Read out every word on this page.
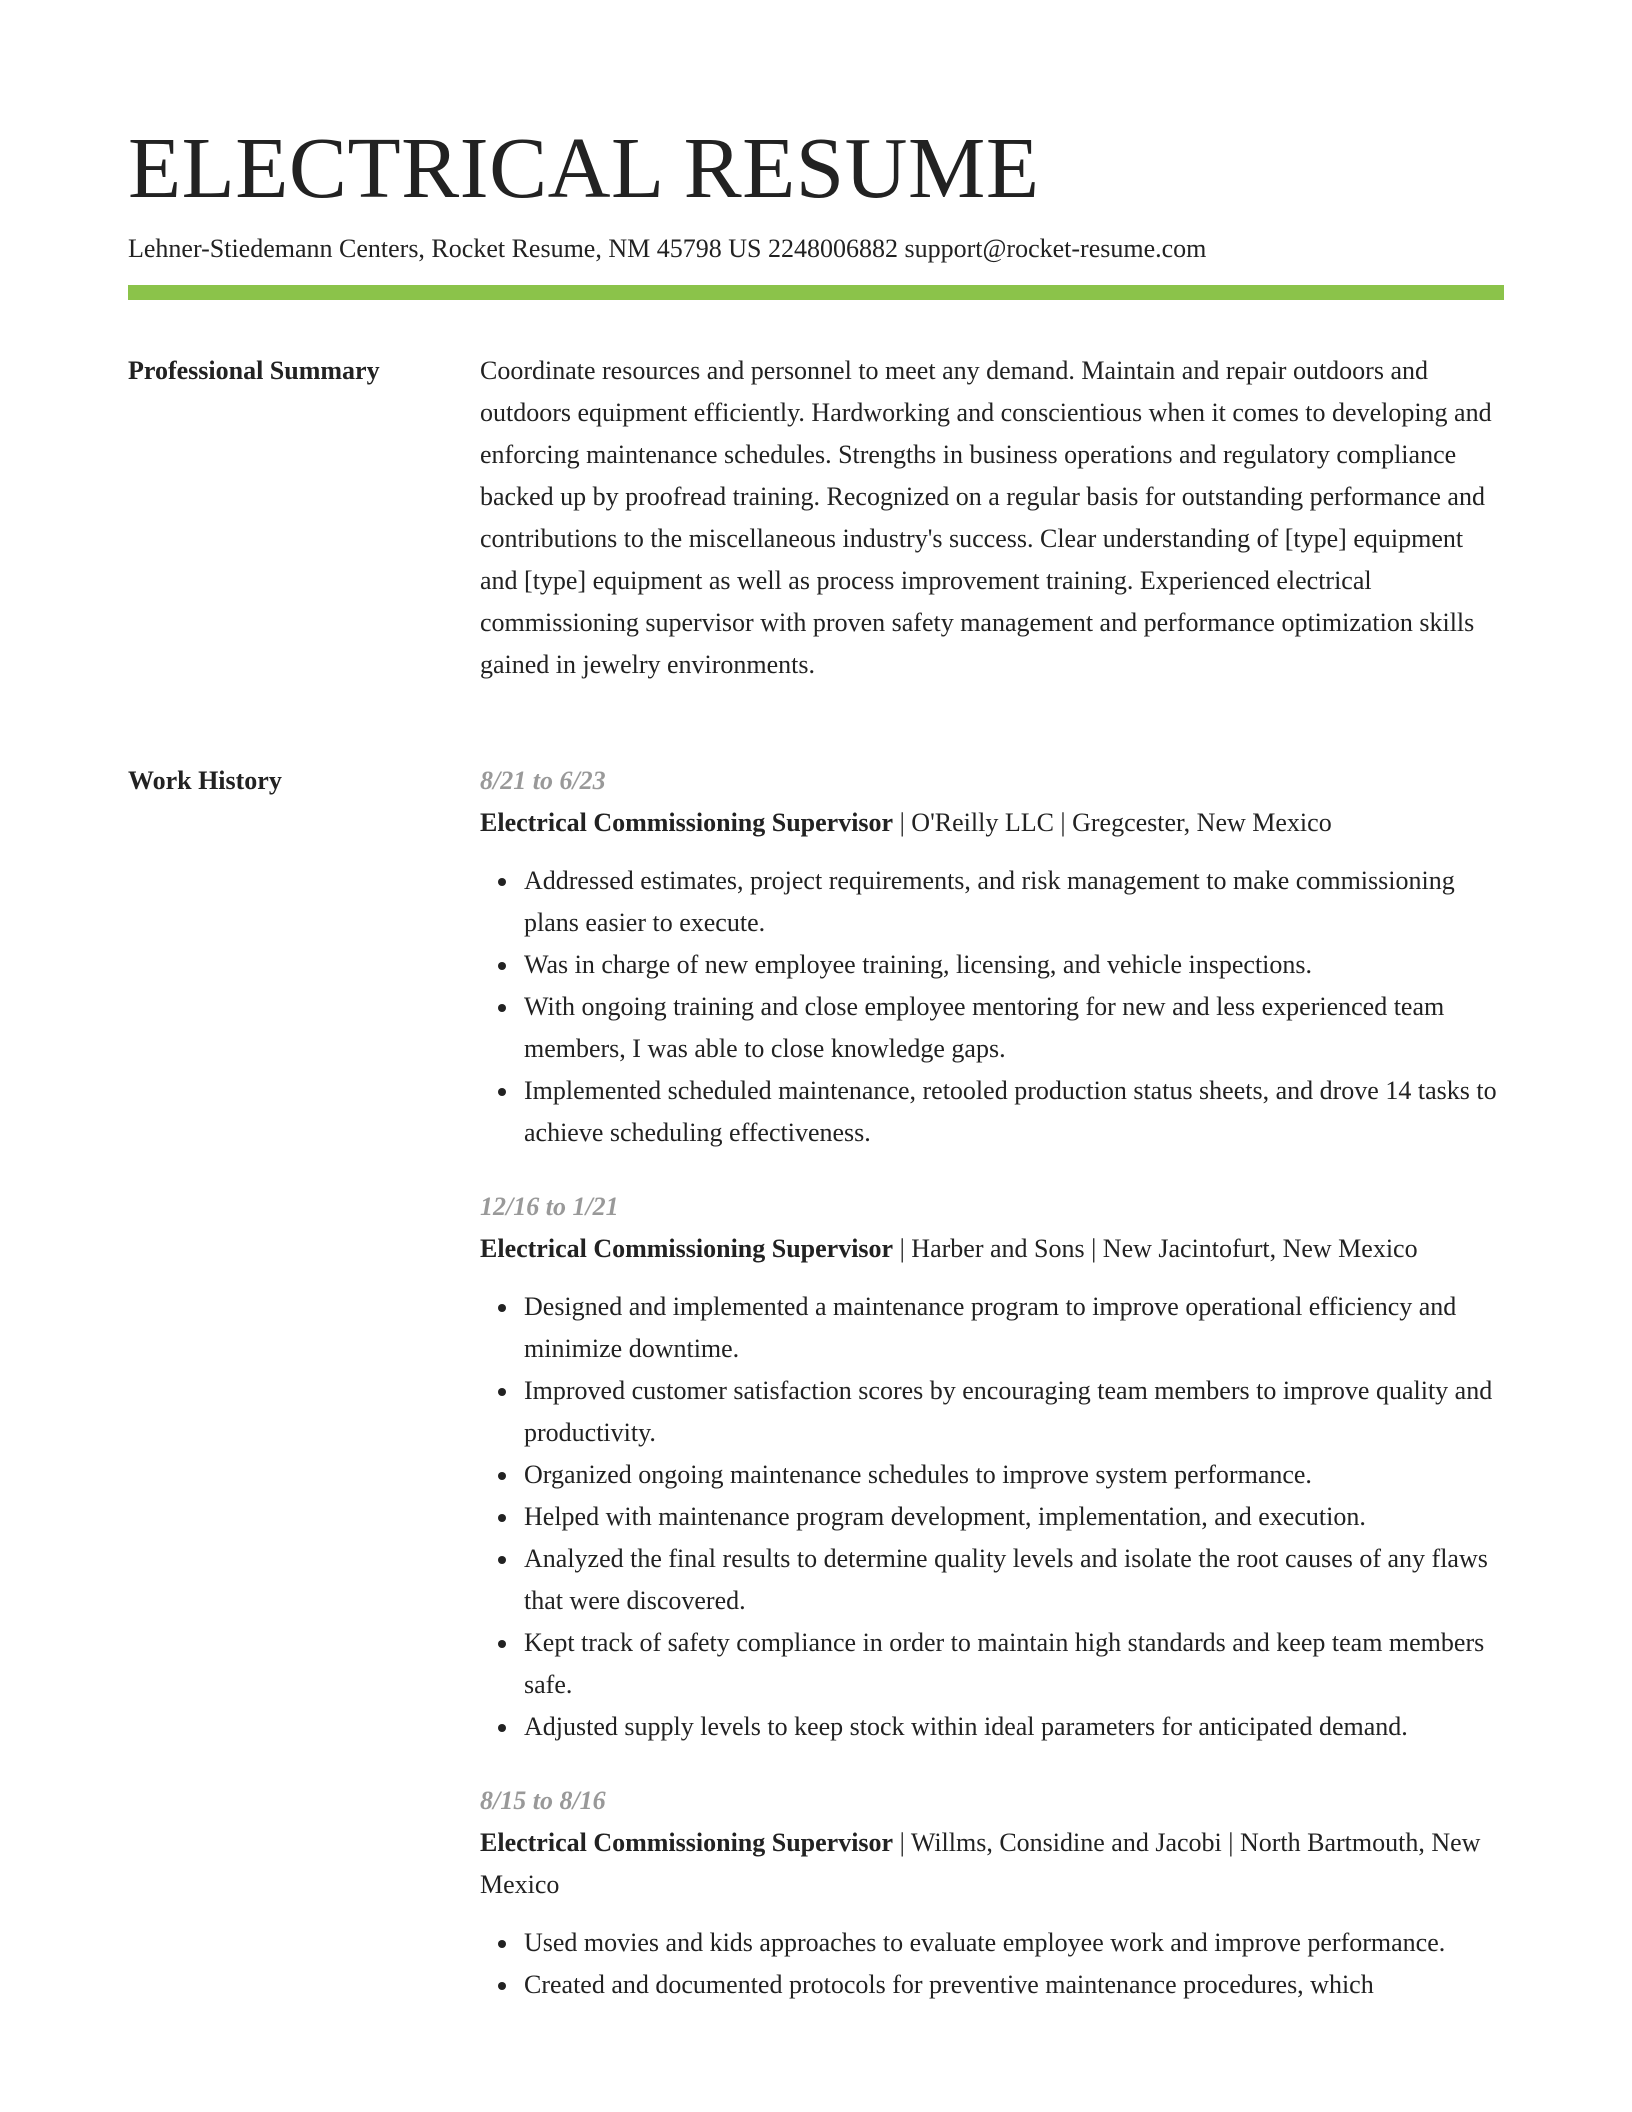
ELECTRICAL RESUME
Lehner-Stiedemann Centers, Rocket Resume, NM 45798 US 2248006882 support@rocket-resume.com
Professional Summary	Coordinate resources and personnel to meet any demand. Maintain and repair outdoors and outdoors equipment efficiently. Hardworking and conscientious when it comes to developing and enforcing maintenance schedules. Strengths in business operations and regulatory compliance backed up by proofread training. Recognized on a regular basis for outstanding performance and contributions to the miscellaneous industry's success. Clear understanding of [type] equipment and [type] equipment as well as process improvement training. Experienced electrical commissioning supervisor with proven safety management and performance optimization skills gained in jewelry environments.
Work History	8/21 to 6/23
Electrical Commissioning Supervisor | O'Reilly LLC | Gregcester, New Mexico
Addressed estimates, project requirements, and risk management to make commissioning plans easier to execute.
Was in charge of new employee training, licensing, and vehicle inspections.
With ongoing training and close employee mentoring for new and less experienced team members, I was able to close knowledge gaps.
Implemented scheduled maintenance, retooled production status sheets, and drove 14 tasks to achieve scheduling effectiveness.
12/16 to 1/21
Electrical Commissioning Supervisor | Harber and Sons | New Jacintofurt, New Mexico
Designed and implemented a maintenance program to improve operational efficiency and minimize downtime.
Improved customer satisfaction scores by encouraging team members to improve quality and productivity.
Organized ongoing maintenance schedules to improve system performance.
Helped with maintenance program development, implementation, and execution.
Analyzed the final results to determine quality levels and isolate the root causes of any flaws that were discovered.
Kept track of safety compliance in order to maintain high standards and keep team members safe.
Adjusted supply levels to keep stock within ideal parameters for anticipated demand.
8/15 to 8/16
Electrical Commissioning Supervisor | Willms, Considine and Jacobi | North Bartmouth, New Mexico
Used movies and kids approaches to evaluate employee work and improve performance.
Created and documented protocols for preventive maintenance procedures, which
